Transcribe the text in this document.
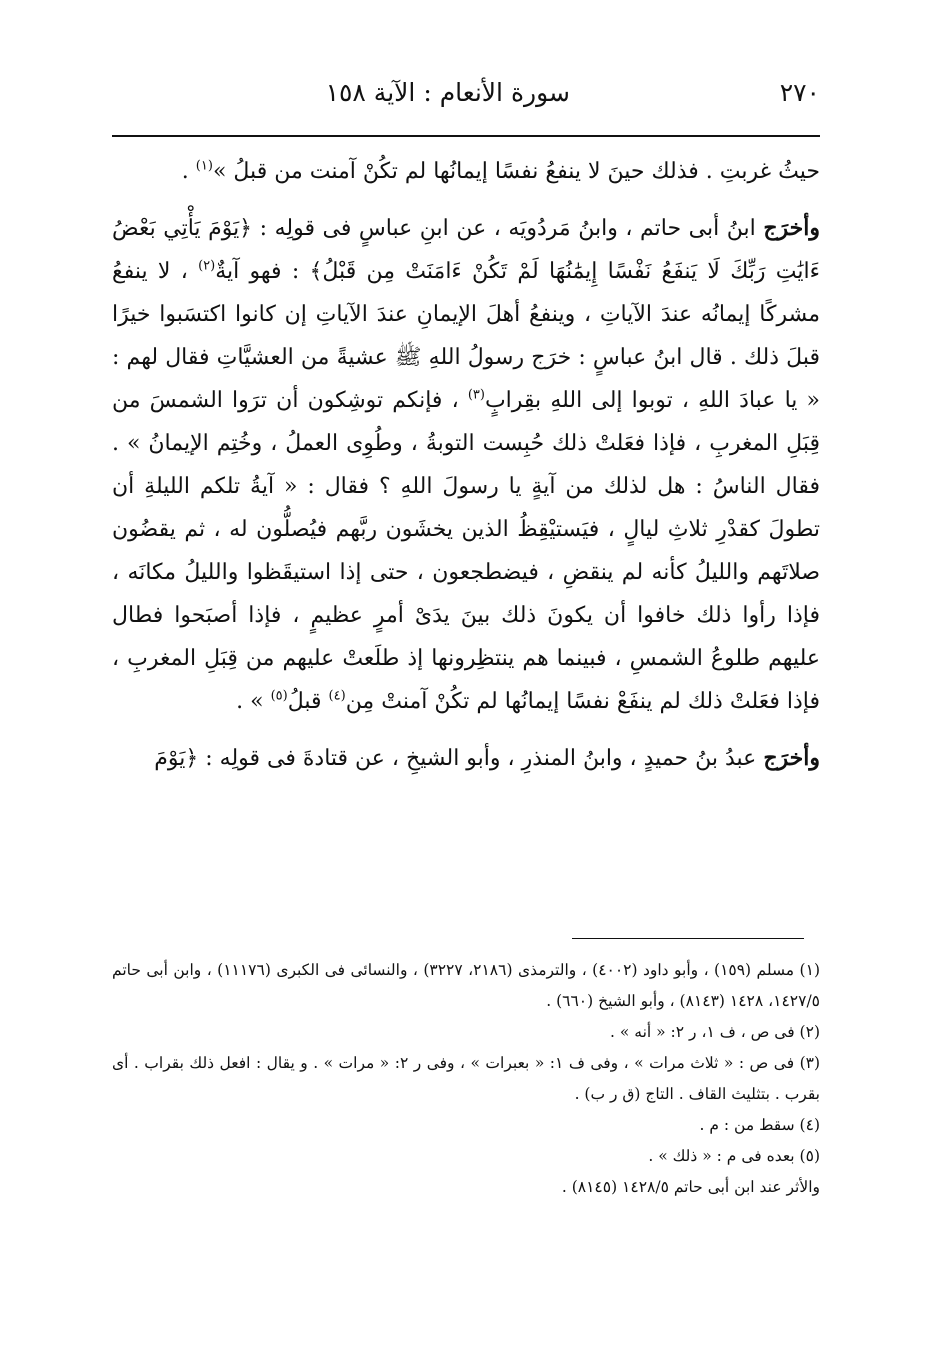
٢٧٠
سورة الأنعام : الآية ١٥٨

حيثُ غربتِ . فذلك حينَ لا ينفعُ نفسًا إيمانُها لم تكُنْ آمنت من قبلُ »$^{(١)}$ .

وأخرَج ابنُ أبى حاتم ، وابنُ مَردُويَه ، عن ابنِ عباسٍ فى قولِه : ﴿يَوْمَ يَأْتِي بَعْضُ ءَايَٰتِ رَبِّكَ لَا يَنفَعُ نَفْسًا إِيمَٰنُهَا لَمْ تَكُنْ ءَامَنَتْ مِن قَبْلُ﴾ : فهو آيةٌ$^{(٢)}$ ، لا ينفعُ مشركًا إيمانُه عندَ الآياتِ ، وينفعُ أهلَ الإيمانِ عندَ الآياتِ إن كانوا اكتسَبوا خيرًا قبلَ ذلك . قال ابنُ عباسٍ : خرَج رسولُ اللهِ ﷺ عشيةً من العشيَّاتِ فقال لهم : « يا عبادَ اللهِ ، توبوا إلى اللهِ بقِرابٍ$^{(٣)}$ ، فإنكم توشِكون أن ترَوا الشمسَ من قِبَلِ المغربِ ، فإذا فعَلتْ ذلك حُبِست التوبةُ ، وطُوِى العملُ ، وخُتِم الإيمانُ » . فقال الناسُ : هل لذلك من آيةٍ يا رسولَ اللهِ ؟ فقال : « آيةُ تلكم الليلةِ أن تطولَ كقدْرِ ثلاثِ ليالٍ ، فيَستيْقِظُ الذين يخشَون ربَّهم فيُصلُّون له ، ثم يقضُون صلاتَهم والليلُ كأنه لم ينقضِ ، فيضطجعون ، حتى إذا استيقَظوا والليلُ مكانَه ، فإذا رأوا ذلك خافوا أن يكونَ ذلك بينَ يدَىْ أمرٍ عظيمٍ ، فإذا أصبَحوا فطال عليهم طلوعُ الشمسِ ، فبينما هم ينتظِرونها إذ طلَعتْ عليهم من قِبَلِ المغربِ ، فإذا فعَلتْ ذلك لم ينفَعْ نفسًا إيمانُها لم تكُنْ آمنتْ مِن$^{(٤)}$ قبلُ$^{(٥)}$ » .

وأخرَج عبدُ بنُ حميدٍ ، وابنُ المنذرِ ، وأبو الشيخِ ، عن قتادةَ فى قولِه : ﴿يَوْمَ

(١) مسلم (١٥٩) ، وأبو داود (٤٠٠٢) ، والترمذى (٢١٨٦، ٣٢٢٧) ، والنسائى فى الكبرى (١١١٧٦) ، وابن أبى حاتم ١٤٢٧/٥، ١٤٢٨ (٨١٤٣) ، وأبو الشيخ (٦٦٠) .

(٢) فى ص ، ف ١، ر ٢: « أنه » .

(٣) فى ص : « ثلاث مرات » ، وفى ف ١: « بعبرات » ، وفى ر ٢: « مرات » . و يقال : افعل ذلك بقراب . أى بقرب . بتثليث القاف . التاج (ق ر ب) .

(٤) سقط من : م .

(٥) بعده فى م : « ذلك » .

والأثر عند ابن أبى حاتم ١٤٢٨/٥ (٨١٤٥) .
